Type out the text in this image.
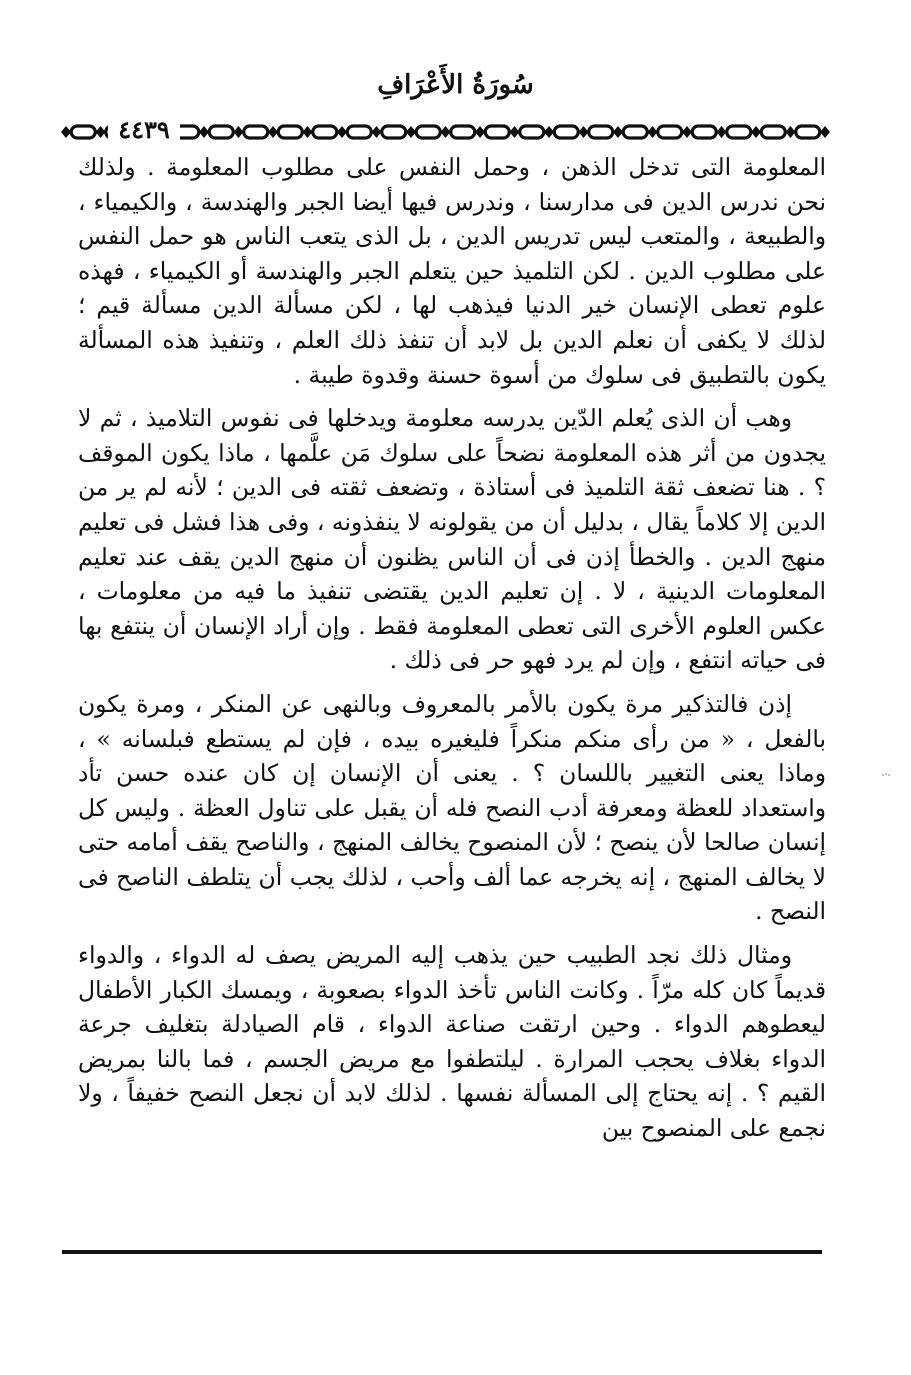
سُورَةُ الأَعْرَافِ
٤٤٣٩

المعلومة التى تدخل الذهن ، وحمل النفس على مطلوب المعلومة . ولذلك نحن ندرس الدين فى مدارسنا ، وندرس فيها أيضا الجبر والهندسة ، والكيمياء ، والطبيعة ، والمتعب ليس تدريس الدين ، بل الذى يتعب الناس هو حمل النفس على مطلوب الدين . لكن التلميذ حين يتعلم الجبر والهندسة أو الكيمياء ، فهذه علوم تعطى الإنسان خير الدنيا فيذهب لها ، لكن مسألة الدين مسألة قيم ؛ لذلك لا يكفى أن نعلم الدين بل لابد أن تنفذ ذلك العلم ، وتنفيذ هذه المسألة يكون بالتطبيق فى سلوك من أسوة حسنة وقدوة طيبة .

وهب أن الذى يُعلم الدّين يدرسه معلومة ويدخلها فى نفوس التلاميذ ، ثم لا يجدون من أثر هذه المعلومة نضحاً على سلوك مَن علَّمها ، ماذا يكون الموقف ؟ . هنا تضعف ثقة التلميذ فى أستاذة ، وتضعف ثقته فى الدين ؛ لأنه لم ير من الدين إلا كلاماً يقال ، بدليل أن من يقولونه لا ينفذونه ، وفى هذا فشل فى تعليم منهج الدين . والخطأ إذن فى أن الناس يظنون أن منهج الدين يقف عند تعليم المعلومات الدينية ، لا . إن تعليم الدين يقتضى تنفيذ ما فيه من معلومات ، عكس العلوم الأخرى التى تعطى المعلومة فقط . وإن أراد الإنسان أن ينتفع بها فى حياته انتفع ، وإن لم يرد فهو حر فى ذلك .

إذن فالتذكير مرة يكون بالأمر بالمعروف وبالنهى عن المنكر ، ومرة يكون بالفعل ، « من رأى منكم منكراً فليغيره بيده ، فإن لم يستطع فبلسانه » ، وماذا يعنى التغيير باللسان ؟ . يعنى أن الإنسان إن كان عنده حسن تأد واستعداد للعظة ومعرفة أدب النصح فله أن يقبل على تناول العظة . وليس كل إنسان صالحا لأن ينصح ؛ لأن المنصوح يخالف المنهج ، والناصح يقف أمامه حتى لا يخالف المنهج ، إنه يخرجه عما ألف وأحب ، لذلك يجب أن يتلطف الناصح فى النصح .

ومثال ذلك نجد الطبيب حين يذهب إليه المريض يصف له الدواء ، والدواء قديماً كان كله مرّاً . وكانت الناس تأخذ الدواء بصعوبة ، ويمسك الكبار الأطفال ليعطوهم الدواء . وحين ارتقت صناعة الدواء ، قام الصيادلة بتغليف جرعة الدواء بغلاف يحجب المرارة . ليلتطفوا مع مريض الجسم ، فما بالنا بمريض القيم ؟ . إنه يحتاج إلى المسألة نفسها . لذلك لابد أن نجعل النصح خفيفاً ، ولا نجمع على المنصوح بين
